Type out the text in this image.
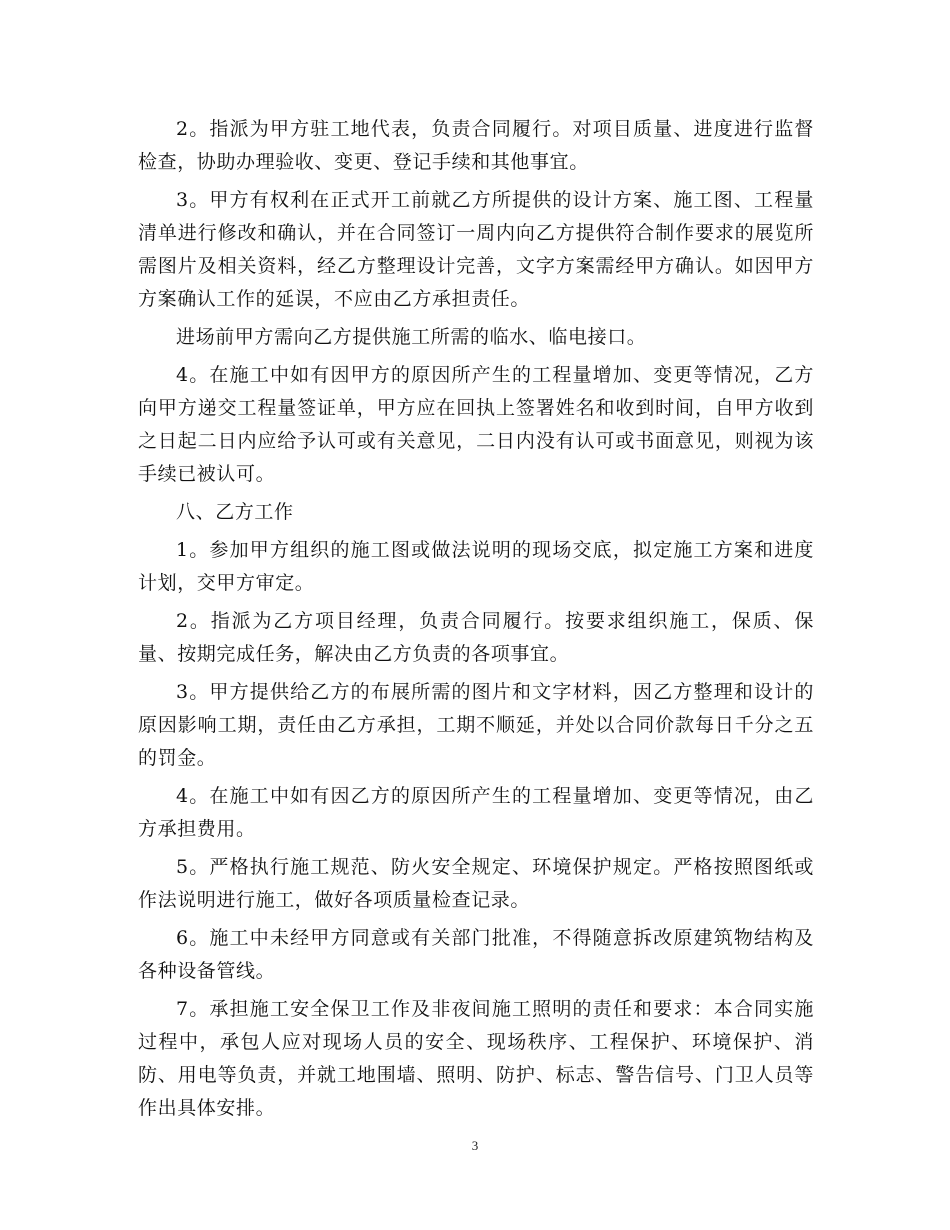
2。指派为甲方驻工地代表，负责合同履行。对项目质量、进度进行监督检查，协助办理验收、变更、登记手续和其他事宜。

3。甲方有权利在正式开工前就乙方所提供的设计方案、施工图、工程量清单进行修改和确认，并在合同签订一周内向乙方提供符合制作要求的展览所需图片及相关资料，经乙方整理设计完善，文字方案需经甲方确认。如因甲方方案确认工作的延误，不应由乙方承担责任。

进场前甲方需向乙方提供施工所需的临水、临电接口。

4。在施工中如有因甲方的原因所产生的工程量增加、变更等情况，乙方向甲方递交工程量签证单，甲方应在回执上签署姓名和收到时间，自甲方收到之日起二日内应给予认可或有关意见，二日内没有认可或书面意见，则视为该手续已被认可。

八、乙方工作

1。参加甲方组织的施工图或做法说明的现场交底，拟定施工方案和进度计划，交甲方审定。

2。指派为乙方项目经理，负责合同履行。按要求组织施工，保质、保量、按期完成任务，解决由乙方负责的各项事宜。

3。甲方提供给乙方的布展所需的图片和文字材料，因乙方整理和设计的原因影响工期，责任由乙方承担，工期不顺延，并处以合同价款每日千分之五的罚金。

4。在施工中如有因乙方的原因所产生的工程量增加、变更等情况，由乙方承担费用。

5。严格执行施工规范、防火安全规定、环境保护规定。严格按照图纸或作法说明进行施工，做好各项质量检查记录。

6。施工中未经甲方同意或有关部门批准，不得随意拆改原建筑物结构及各种设备管线。

7。承担施工安全保卫工作及非夜间施工照明的责任和要求：本合同实施过程中，承包人应对现场人员的安全、现场秩序、工程保护、环境保护、消防、用电等负责，并就工地围墙、照明、防护、标志、警告信号、门卫人员等作出具体安排。

3
